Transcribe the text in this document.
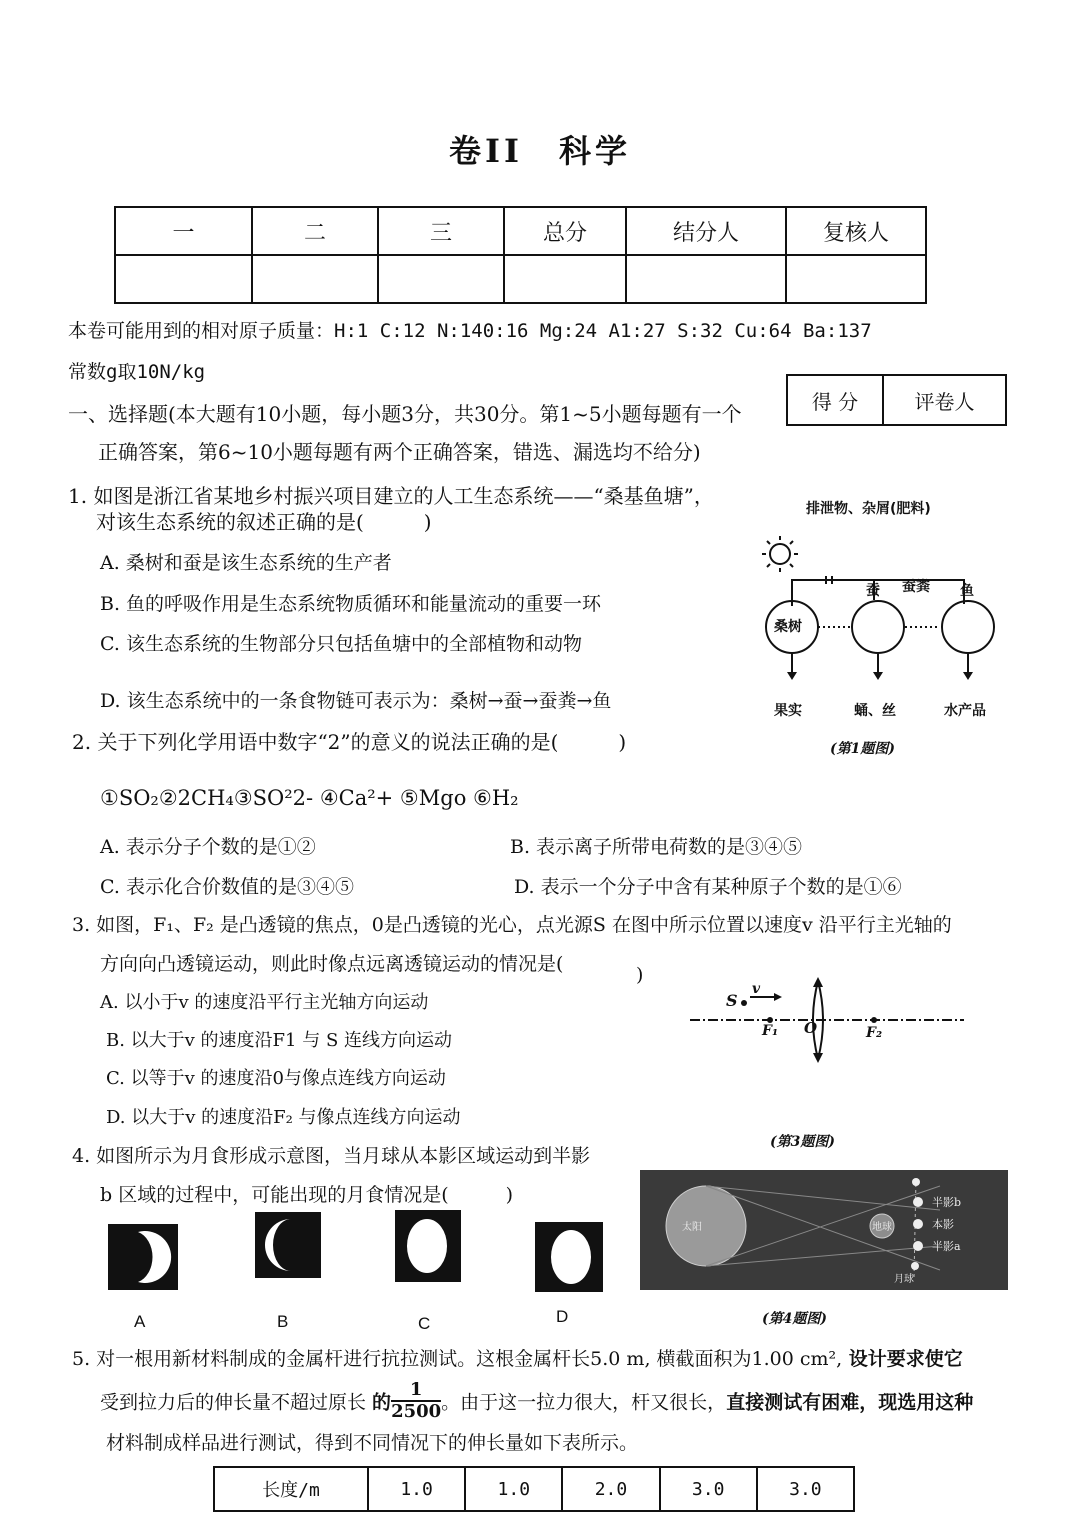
卷II　科学
一	二	三	总分	结分人	复核人

本卷可能用到的相对原子质量：H:1 C:12 N:140:16 Mg:24 A1:27 S:32 Cu:64 Ba:137
常数g取10N/kg
得 分	评卷人
一、选择题(本大题有10小题，每小题3分，共30分。第1~5小题每题有一个
正确答案，第6~10小题每题有两个正确答案，错选、漏选均不给分)
1. 如图是浙江省某地乡村振兴项目建立的人工生态系统——“桑基鱼塘”，
对该生态系统的叙述正确的是(　　　)
A. 桑树和蚕是该生态系统的生产者
B. 鱼的呼吸作用是生态系统物质循环和能量流动的重要一环
C. 该生态系统的生物部分只包括鱼塘中的全部植物和动物
D. 该生态系统中的一条食物链可表示为：桑树→蚕→蚕粪→鱼
排泄物、杂屑(肥料)
蚕 蚕粪 鱼
桑树
果实	蛹、丝	水产品
(第1题图)
2. 关于下列化学用语中数字“2”的意义的说法正确的是(　　　)
①SO₂②2CH₄③SO²2- ④Ca²+ ⑤Mgo ⑥H₂
A. 表示分子个数的是①②	B. 表示离子所带电荷数的是③④⑤
C. 表示化合价数值的是③④⑤	D. 表示一个分子中含有某种原子个数的是①⑥
3. 如图，F₁、F₂ 是凸透镜的焦点，0是凸透镜的光心，点光源S 在图中所示位置以速度v 沿平行主光轴的
方向向凸透镜运动，则此时像点远离透镜运动的情况是(	)
A. 以小于v 的速度沿平行主光轴方向运动
B. 以大于v 的速度沿F1 与 S 连线方向运动
C. 以等于v 的速度沿0与像点连线方向运动
D. 以大于v 的速度沿F₂ 与像点连线方向运动
S
v
F₁ O	F₂
(第3题图)
4. 如图所示为月食形成示意图，当月球从本影区域运动到半影
b 区域的过程中，可能出现的月食情况是(　　　)
A	B	C	D
太阳	地球
半影b
本影
半影a
月球
(第4题图)
5. 对一根用新材料制成的金属杆进行抗拉测试。这根金属杆长5.0 m, 横截面积为1.00 cm², 设计要求使它
受到拉力后的伸长量不超过原长 的 $\frac{1}{2500}$ 。由于这一拉力很大，杆又很长，直接测试有困难，现选用这种
材料制成样品进行测试，得到不同情况下的伸长量如下表所示。
长度/m	1.0	1.0	2.0	3.0	3.0
